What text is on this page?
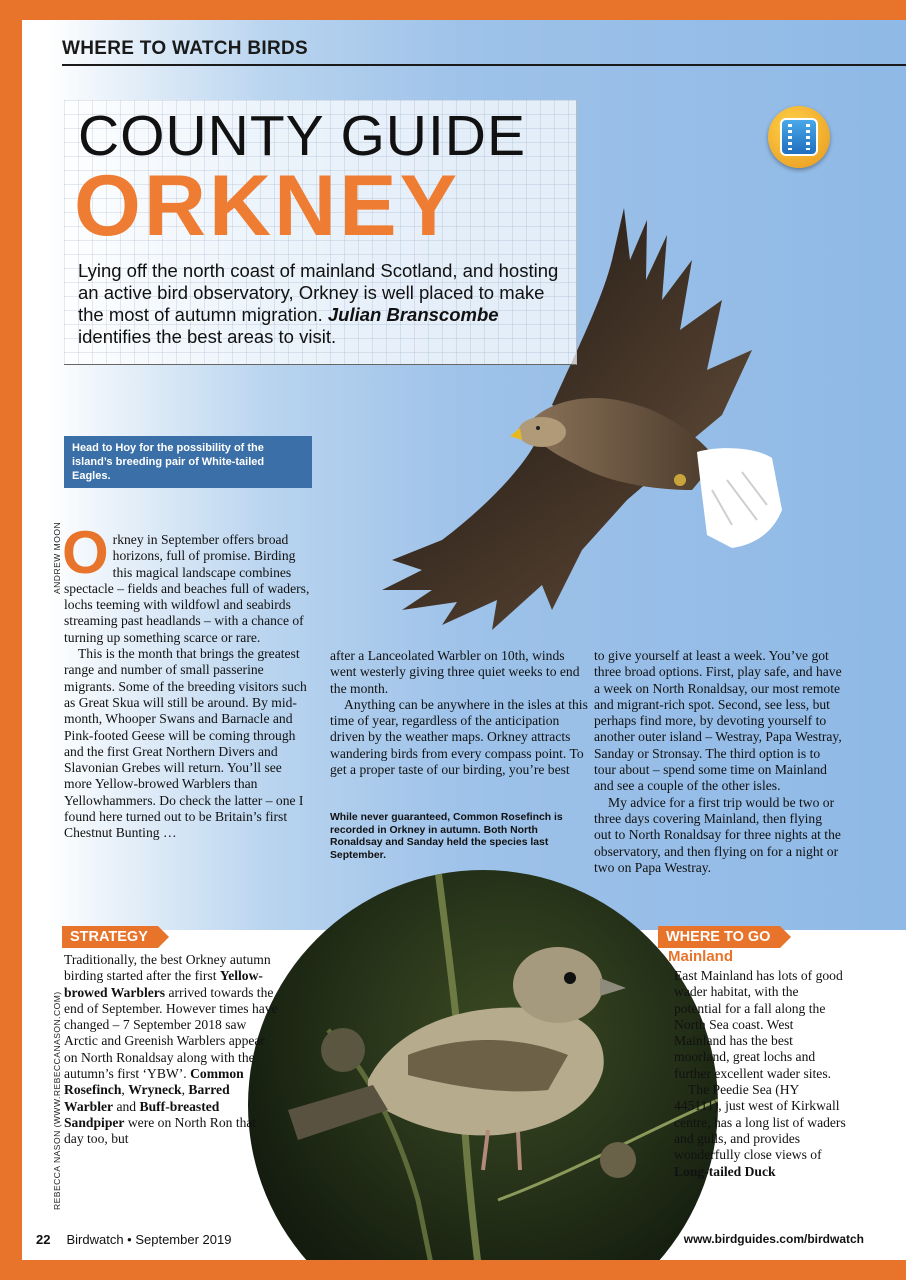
WHERE TO WATCH BIRDS
COUNTY GUIDE
ORKNEY
Lying off the north coast of mainland Scotland, and hosting an active bird observatory, Orkney is well placed to make the most of autumn migration. Julian Branscombe identifies the best areas to visit.
Head to Hoy for the possibility of the island’s breeding pair of White-tailed Eagles.
ANDREW MOON Orkney in September offers broad horizons, full of promise. Birding this magical landscape combines spectacle – fields and beaches full of waders, lochs teeming with wildfowl and seabirds streaming past headlands – with a chance of turning up something scarce or rare.

This is the month that brings the greatest range and number of small passerine migrants. Some of the breeding visitors such as Great Skua will still be around. By mid-month, Whooper Swans and Barnacle and Pink-footed Geese will be coming through and the first Great Northern Divers and Slavonian Grebes will return. You’ll see more Yellow-browed Warblers than Yellowhammers. Do check the latter – one I found here turned out to be Britain’s first Chestnut Bunting …

after a Lanceolated Warbler on 10th, winds went westerly giving three quiet weeks to end the month.

Anything can be anywhere in the isles at this time of year, regardless of the anticipation driven by the weather maps. Orkney attracts wandering birds from every compass point. To get a proper taste of our birding, you’re best

While never guaranteed, Common Rosefinch is recorded in Orkney in autumn. Both North Ronaldsay and Sanday held the species last September.

to give yourself at least a week. You’ve got three broad options. First, play safe, and have a week on North Ronaldsay, our most remote and migrant-rich spot. Second, see less, but perhaps find more, by devoting yourself to another outer island – Westray, Papa Westray, Sanday or Stronsay. The third option is to tour about – spend some time on Mainland and see a couple of the other isles.

My advice for a first trip would be two or three days covering Mainland, then flying out to North Ronaldsay for three nights at the observatory, and then flying on for a night or two on Papa Westray.

REBECCA NASON (WWW.REBECCANASON.COM)
STRATEGY

Traditionally, the best Orkney autumn birding started after the first Yellow-browed Warblers arrived towards the end of September. However times have changed – 7 September 2018 saw Arctic and Greenish Warblers appear on North Ronaldsay along with the autumn’s first ‘YBW’. Common Rosefinch, Wryneck, Barred Warbler and Buff-breasted Sandpiper were on North Ron that day too, but

WHERE TO GO
Mainland

East Mainland has lots of good wader habitat, with the potential for a fall along the North Sea coast. West Mainland has the best moorland, great lochs and further excellent wader sites.

The Peedie Sea (HY 445111), just west of Kirkwall centre, has a long list of waders and gulls, and provides wonderfully close views of Long-tailed Duck

22 Birdwatch • September 2019	www.birdguides.com/birdwatch
